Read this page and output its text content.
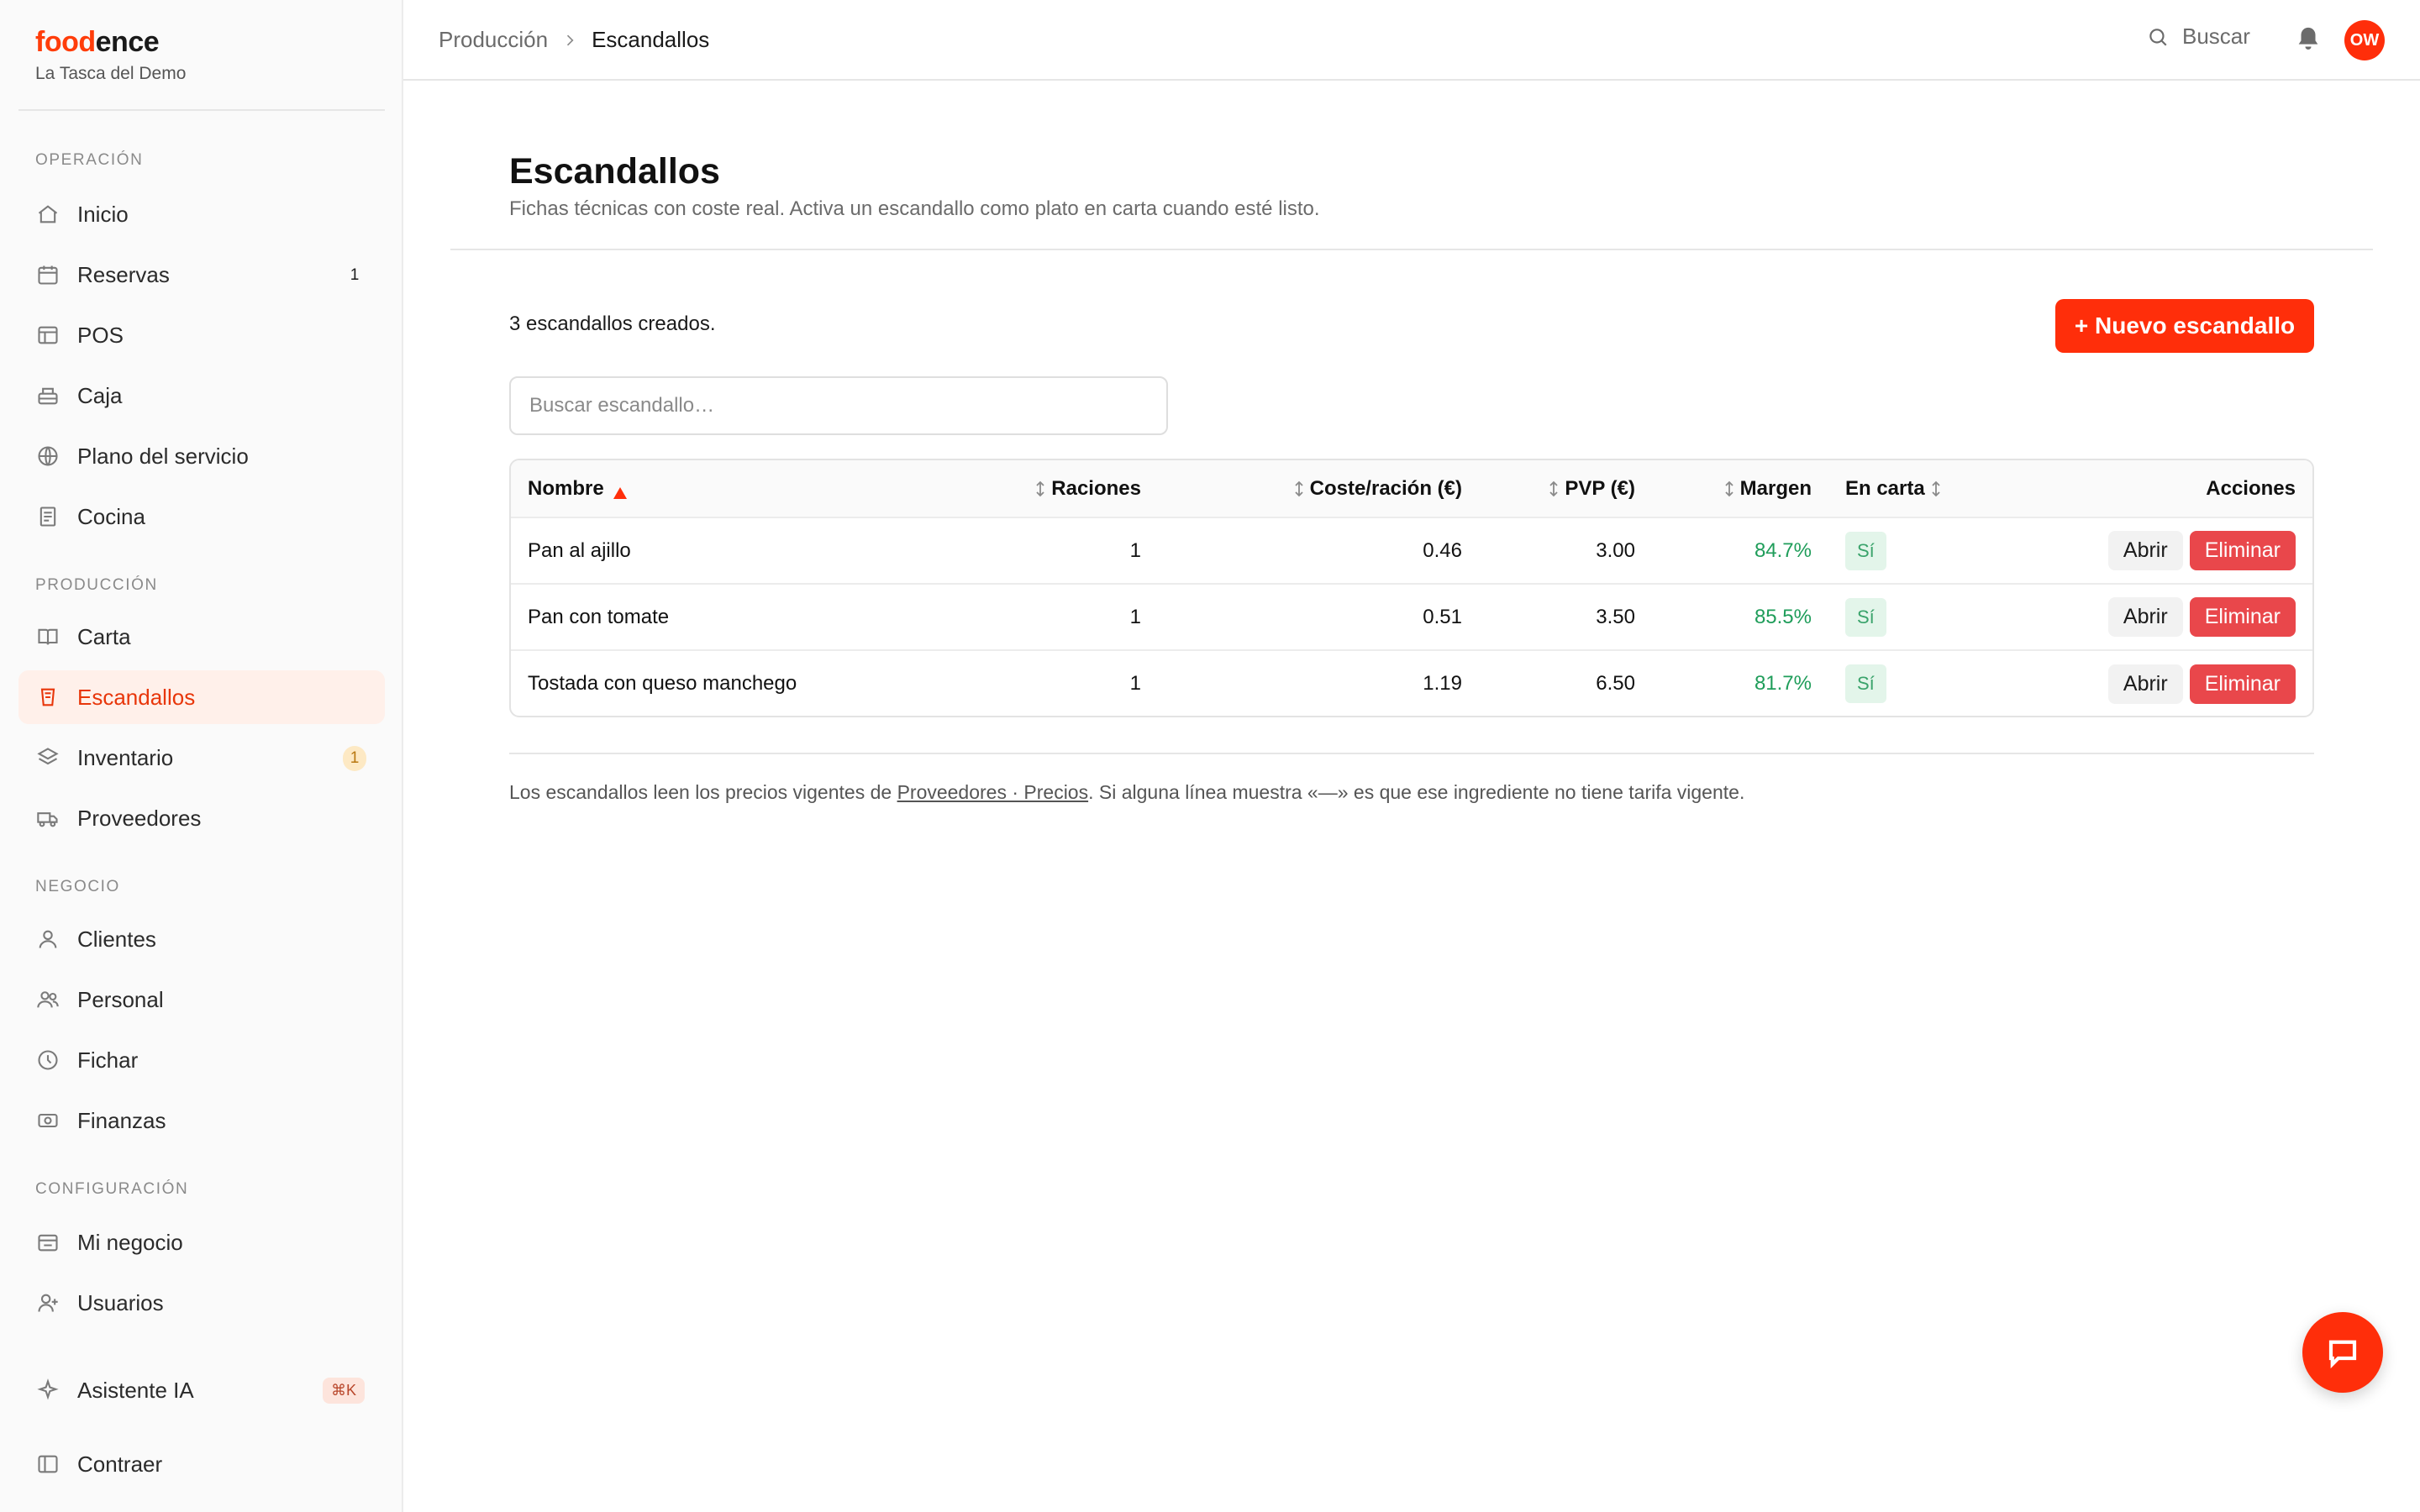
foodence
La Tasca del Demo
OPERACIÓN
Inicio
Reservas	1
POS
Caja
Plano del servicio
Cocina
PRODUCCIÓN
Carta
Escandallos
Inventario	1
Proveedores
NEGOCIO
Clientes
Personal
Fichar
Finanzas
CONFIGURACIÓN
Mi negocio
Usuarios
Asistente IA	⌘K
Contraer
Producción Escandallos	Buscar	OW
Escandallos

Fichas técnicas con coste real. Activa un escandallo como plato en carta cuando esté listo.

3 escandallos creados.	+ Nuevo escandallo
Buscar escandallo…
Nombre	Raciones	Coste/ración (€)	PVP (€)	Margen	En carta	Acciones
Pan al ajillo	1	0.46	3.00	84.7%	Sí	Abrir Eliminar
Pan con tomate	1	0.51	3.50	85.5%	Sí	Abrir Eliminar
Tostada con queso manchego	1	1.19	6.50	81.7%	Sí	Abrir Eliminar

Los escandallos leen los precios vigentes de Proveedores · Precios. Si alguna línea muestra «—» es que ese ingrediente no tiene tarifa vigente.
